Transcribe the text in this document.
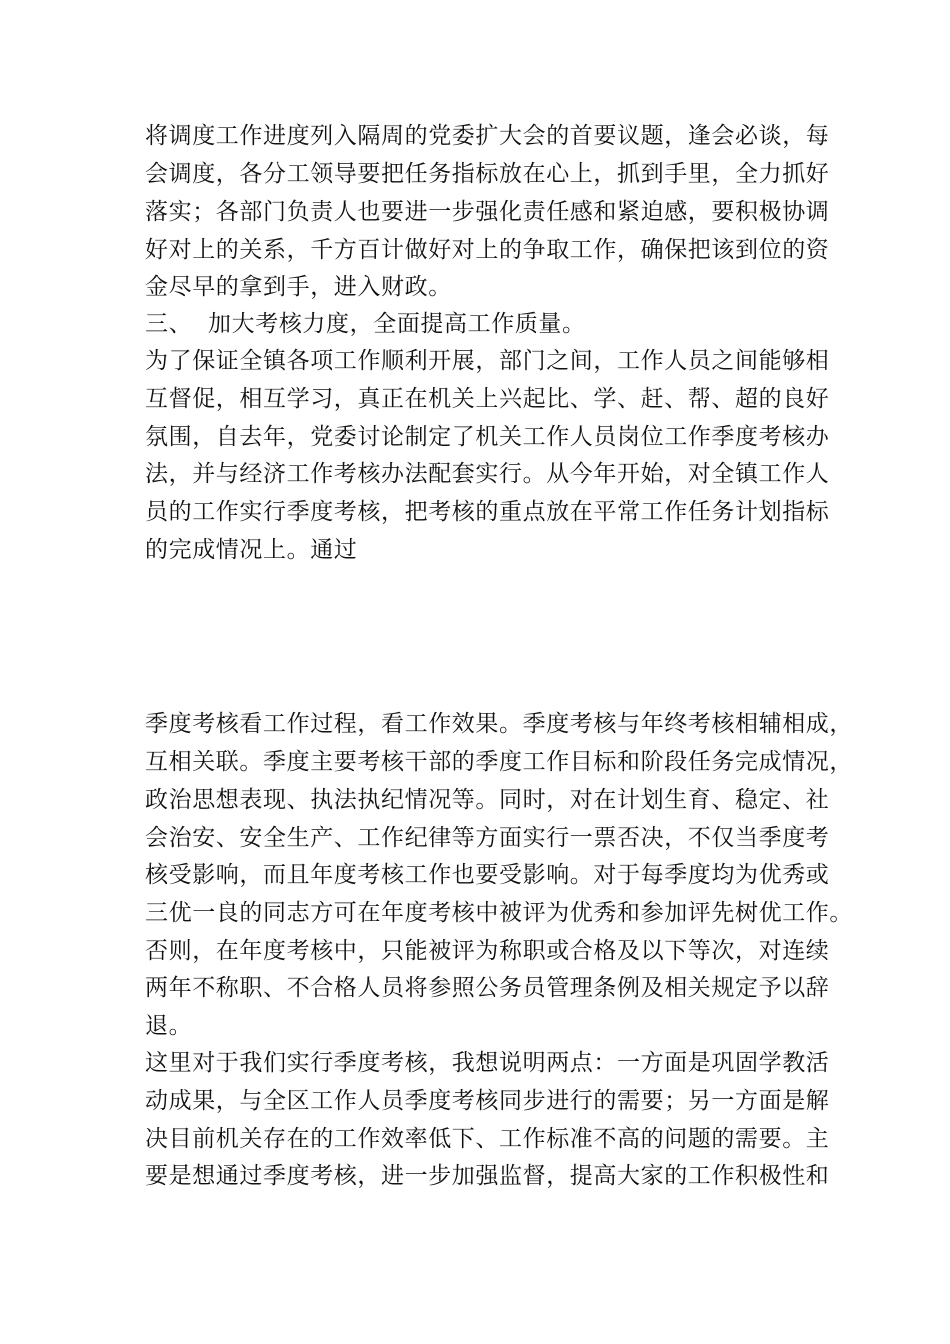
将调度工作进度列入隔周的党委扩大会的首要议题，逢会必谈，每
会调度，各分工领导要把任务指标放在心上，抓到手里，全力抓好
落实；各部门负责人也要进一步强化责任感和紧迫感，要积极协调
好对上的关系，千方百计做好对上的争取工作，确保把该到位的资
金尽早的拿到手，进入财政。
三、  加大考核力度，全面提高工作质量。
为了保证全镇各项工作顺利开展，部门之间，工作人员之间能够相
互督促，相互学习，真正在机关上兴起比、学、赶、帮、超的良好
氛围，自去年，党委讨论制定了机关工作人员岗位工作季度考核办
法，并与经济工作考核办法配套实行。从今年开始，对全镇工作人
员的工作实行季度考核，把考核的重点放在平常工作任务计划指标
的完成情况上。通过
季度考核看工作过程，看工作效果。季度考核与年终考核相辅相成，
互相关联。季度主要考核干部的季度工作目标和阶段任务完成情况，
政治思想表现、执法执纪情况等。同时，对在计划生育、稳定、社
会治安、安全生产、工作纪律等方面实行一票否决，不仅当季度考
核受影响，而且年度考核工作也要受影响。对于每季度均为优秀或
三优一良的同志方可在年度考核中被评为优秀和参加评先树优工作。
否则，在年度考核中，只能被评为称职或合格及以下等次，对连续
两年不称职、不合格人员将参照公务员管理条例及相关规定予以辞
退。
这里对于我们实行季度考核，我想说明两点：一方面是巩固学教活
动成果，与全区工作人员季度考核同步进行的需要；另一方面是解
决目前机关存在的工作效率低下、工作标准不高的问题的需要。主
要是想通过季度考核，进一步加强监督，提高大家的工作积极性和
